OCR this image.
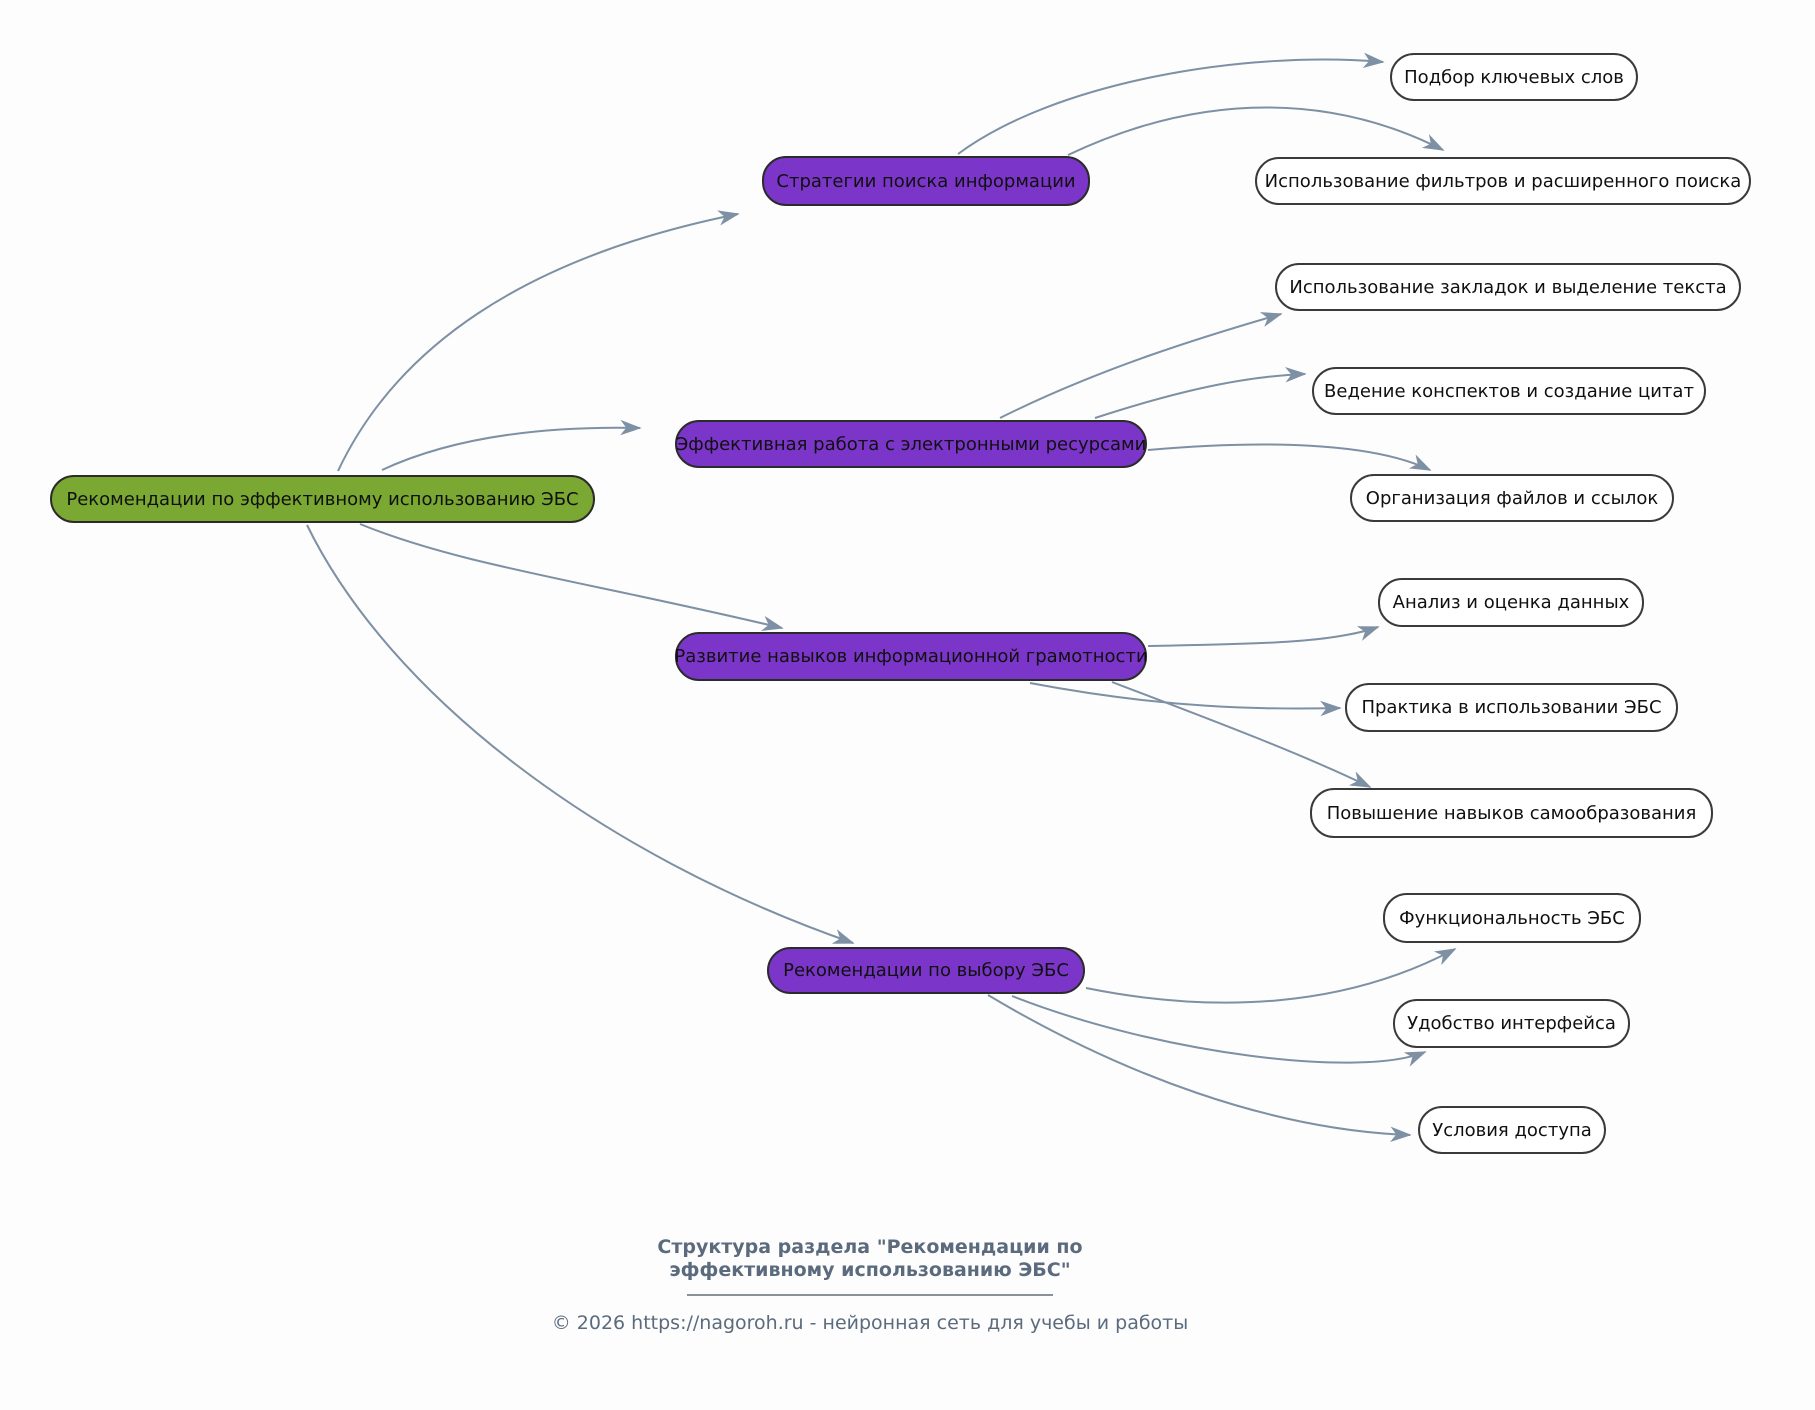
Рекомендации по эффективному использованию ЭБС
Стратегии поиска информации
Эффективная работа с электронными ресурсами
Развитие навыков информационной грамотности
Рекомендации по выбору ЭБС
Подбор ключевых слов
Использование фильтров и расширенного поиска
Использование закладок и выделение текста
Ведение конспектов и создание цитат
Организация файлов и ссылок
Анализ и оценка данных
Практика в использовании ЭБС
Повышение навыков самообразования
Функциональность ЭБС
Удобство интерфейса
Условия доступа
Структура раздела "Рекомендации по
эффективному использованию ЭБС"
© 2026 https://nagoroh.ru - нейронная сеть для учебы и работы
